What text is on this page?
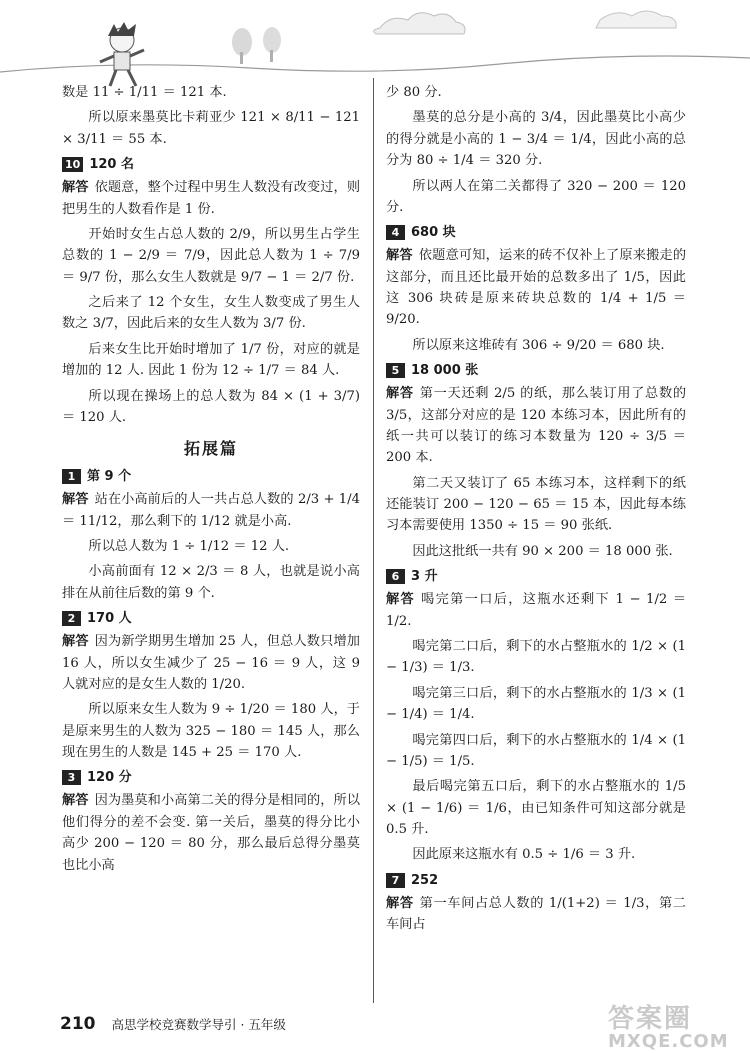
数是 11 ÷ 1/11 ＝ 121 本.

所以原来墨莫比卡莉亚少 121 × 8/11 − 121 × 3/11 ＝ 55 本.

10 120 名

解答 依题意，整个过程中男生人数没有改变过，则把男生的人数看作是 1 份.

开始时女生占总人数的 2/9，所以男生占学生总数的 1 − 2/9 ＝ 7/9，因此总人数为 1 ÷ 7/9 ＝ 9/7 份，那么女生人数就是 9/7 − 1 ＝ 2/7 份.

之后来了 12 个女生，女生人数变成了男生人数之 3/7，因此后来的女生人数为 3/7 份.

后来女生比开始时增加了 1/7 份，对应的就是增加的 12 人. 因此 1 份为 12 ÷ 1/7 ＝ 84 人.

所以现在操场上的总人数为 84 × (1 + 3/7) ＝ 120 人.

拓展篇
1 第 9 个

解答 站在小高前后的人一共占总人数的 2/3 + 1/4 ＝ 11/12，那么剩下的 1/12 就是小高.

所以总人数为 1 ÷ 1/12 ＝ 12 人.

小高前面有 12 × 2/3 ＝ 8 人，也就是说小高排在从前往后数的第 9 个.

2 170 人

解答 因为新学期男生增加 25 人，但总人数只增加 16 人，所以女生减少了 25 − 16 ＝ 9 人，这 9 人就对应的是女生人数的 1/20.

所以原来女生人数为 9 ÷ 1/20 ＝ 180 人，于是原来男生的人数为 325 − 180 ＝ 145 人，那么现在男生的人数是 145 + 25 ＝ 170 人.

3 120 分

解答 因为墨莫和小高第二关的得分是相同的，所以他们得分的差不会变. 第一关后，墨莫的得分比小高少 200 − 120 ＝ 80 分，那么最后总得分墨莫也比小高

少 80 分.

墨莫的总分是小高的 3/4，因此墨莫比小高少的得分就是小高的 1 − 3/4 ＝ 1/4，因此小高的总分为 80 ÷ 1/4 ＝ 320 分.

所以两人在第二关都得了 320 − 200 ＝ 120 分.

4 680 块

解答 依题意可知，运来的砖不仅补上了原来搬走的这部分，而且还比最开始的总数多出了 1/5，因此这 306 块砖是原来砖块总数的 1/4 + 1/5 ＝ 9/20.

所以原来这堆砖有 306 ÷ 9/20 ＝ 680 块.

5 18 000 张

解答 第一天还剩 2/5 的纸，那么装订用了总数的 3/5，这部分对应的是 120 本练习本，因此所有的纸一共可以装订的练习本数量为 120 ÷ 3/5 ＝ 200 本.

第二天又装订了 65 本练习本，这样剩下的纸还能装订 200 − 120 − 65 ＝ 15 本，因此每本练习本需要使用 1350 ÷ 15 ＝ 90 张纸.

因此这批纸一共有 90 × 200 ＝ 18 000 张.

6 3 升

解答 喝完第一口后，这瓶水还剩下 1 − 1/2 ＝ 1/2.

喝完第二口后，剩下的水占整瓶水的 1/2 × (1 − 1/3) ＝ 1/3.

喝完第三口后，剩下的水占整瓶水的 1/3 × (1 − 1/4) ＝ 1/4.

喝完第四口后，剩下的水占整瓶水的 1/4 × (1 − 1/5) ＝ 1/5.

最后喝完第五口后，剩下的水占整瓶水的 1/5 × (1 − 1/6) ＝ 1/6，由已知条件可知这部分就是 0.5 升.

因此原来这瓶水有 0.5 ÷ 1/6 ＝ 3 升.

7 252

解答 第一车间占总人数的 1/(1+2) ＝ 1/3，第二车间占

210 高思学校竞赛数学导引 · 五年级	答案圈
MXQE.COM
